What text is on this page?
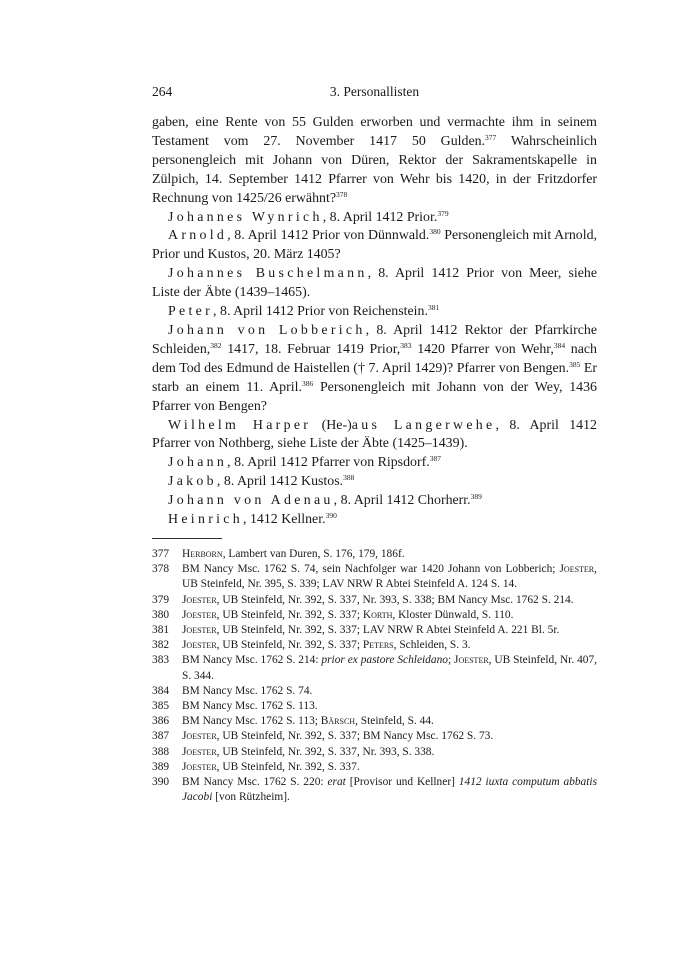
264	3. Personallisten

gaben, eine Rente von 55 Gulden erworben und vermachte ihm in seinem Testament vom 27. November 1417 50 Gulden.$^{377}$ Wahrscheinlich personengleich mit Johann von Düren, Rektor der Sakramentskapelle in Zülpich, 14. September 1412 Pfarrer von Wehr bis 1420, in der Fritzdorfer Rechnung von 1425/26 erwähnt?$^{378}$

Johannes Wynrich, 8. April 1412 Prior.$^{379}$

Arnold, 8. April 1412 Prior von Dünnwald.$^{380}$ Personengleich mit Arnold, Prior und Kustos, 20. März 1405?

Johannes Buschelmann, 8. April 1412 Prior von Meer, siehe Liste der Äbte (1439–1465).

Peter, 8. April 1412 Prior von Reichenstein.$^{381}$

Johann von Lobberich, 8. April 1412 Rektor der Pfarrkirche Schleiden,$^{382}$ 1417, 18. Februar 1419 Prior,$^{383}$ 1420 Pfarrer von Wehr,$^{384}$ nach dem Tod des Edmund de Haistellen († 7. April 1429)? Pfarrer von Bengen.$^{385}$ Er starb an einem 11. April.$^{386}$ Personengleich mit Johann von der Wey, 1436 Pfarrer von Bengen?

Wilhelm Harper (He-)aus Langerwehe, 8. April 1412 Pfarrer von Nothberg, siehe Liste der Äbte (1425–1439).

Johann, 8. April 1412 Pfarrer von Ripsdorf.$^{387}$

Jakob, 8. April 1412 Kustos.$^{388}$

Johann von Adenau, 8. April 1412 Chorherr.$^{389}$

Heinrich, 1412 Kellner.$^{390}$

377	Herborn, Lambert van Duren, S. 176, 179, 186f.
378	BM Nancy Msc. 1762 S. 74, sein Nachfolger war 1420 Johann von Lobberich; Joester, UB Steinfeld, Nr. 395, S. 339; LAV NRW R Abtei Steinfeld A. 124 S. 14.
379	Joester, UB Steinfeld, Nr. 392, S. 337, Nr. 393, S. 338; BM Nancy Msc. 1762 S. 214.
380	Joester, UB Steinfeld, Nr. 392, S. 337; Korth, Kloster Dünwald, S. 110.
381	Joester, UB Steinfeld, Nr. 392, S. 337; LAV NRW R Abtei Steinfeld A. 221 Bl. 5r.
382	Joester, UB Steinfeld, Nr. 392, S. 337; Peters, Schleiden, S. 3.
383	BM Nancy Msc. 1762 S. 214: prior ex pastore Schleidano; Joester, UB Steinfeld, Nr. 407, S. 344.
384	BM Nancy Msc. 1762 S. 74.
385	BM Nancy Msc. 1762 S. 113.
386	BM Nancy Msc. 1762 S. 113; Bärsch, Steinfeld, S. 44.
387	Joester, UB Steinfeld, Nr. 392, S. 337; BM Nancy Msc. 1762 S. 73.
388	Joester, UB Steinfeld, Nr. 392, S. 337, Nr. 393, S. 338.
389	Joester, UB Steinfeld, Nr. 392, S. 337.
390	BM Nancy Msc. 1762 S. 220: erat [Provisor und Kellner] 1412 iuxta computum abbatis Jacobi [von Rützheim].
